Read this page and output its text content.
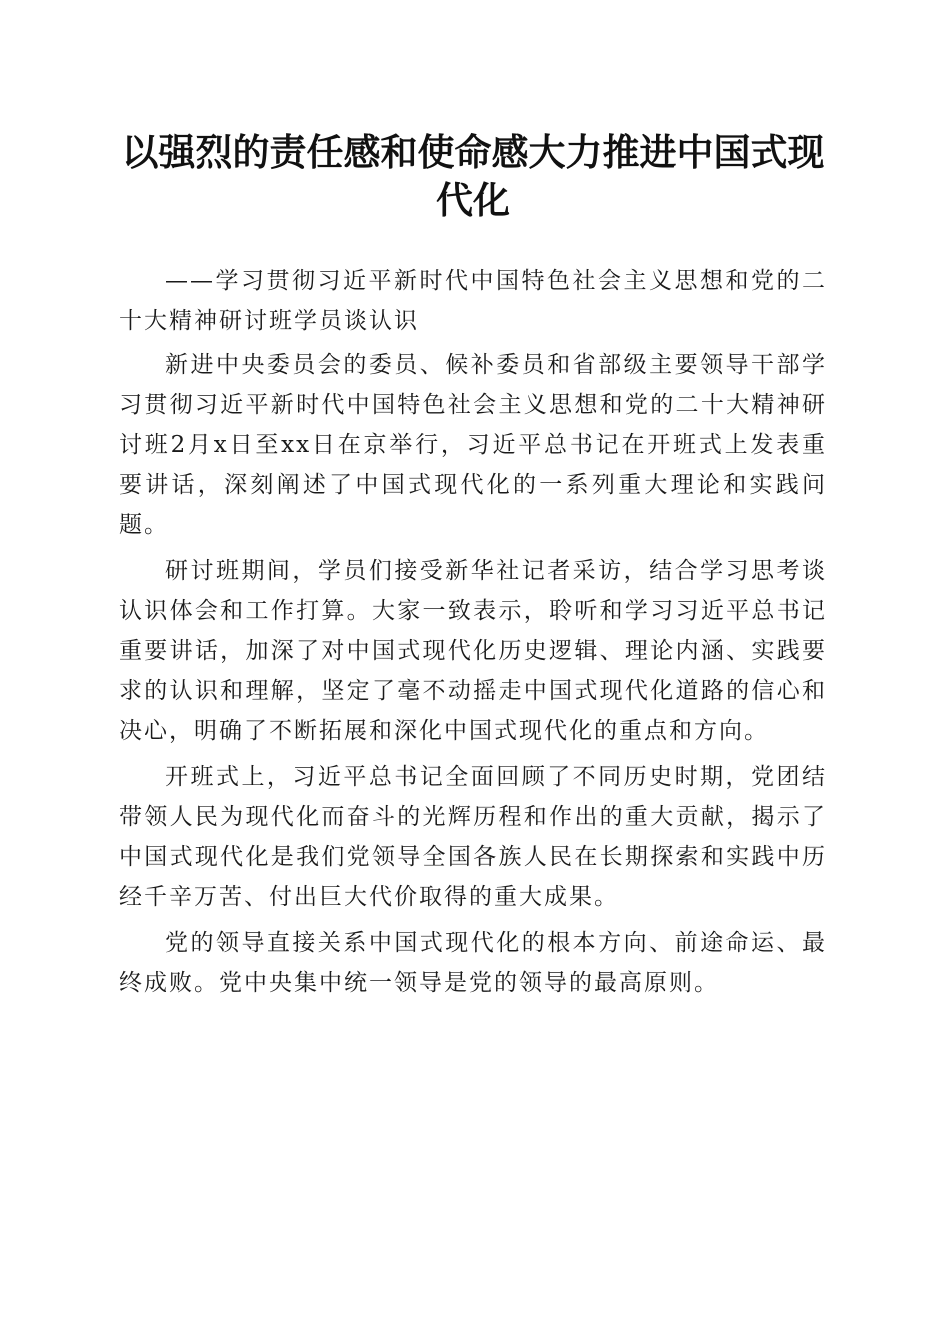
以强烈的责任感和使命感大力推进中国式现代化

——学习贯彻习近平新时代中国特色社会主义思想和党的二十大精神研讨班学员谈认识

新进中央委员会的委员、候补委员和省部级主要领导干部学习贯彻习近平新时代中国特色社会主义思想和党的二十大精神研讨班2月x日至xx日在京举行，习近平总书记在开班式上发表重要讲话，深刻阐述了中国式现代化的一系列重大理论和实践问题。

研讨班期间，学员们接受新华社记者采访，结合学习思考谈认识体会和工作打算。大家一致表示，聆听和学习习近平总书记重要讲话，加深了对中国式现代化历史逻辑、理论内涵、实践要求的认识和理解，坚定了毫不动摇走中国式现代化道路的信心和决心，明确了不断拓展和深化中国式现代化的重点和方向。

开班式上，习近平总书记全面回顾了不同历史时期，党团结带领人民为现代化而奋斗的光辉历程和作出的重大贡献，揭示了中国式现代化是我们党领导全国各族人民在长期探索和实践中历经千辛万苦、付出巨大代价取得的重大成果。

党的领导直接关系中国式现代化的根本方向、前途命运、最终成败。党中央集中统一领导是党的领导的最高原则。
